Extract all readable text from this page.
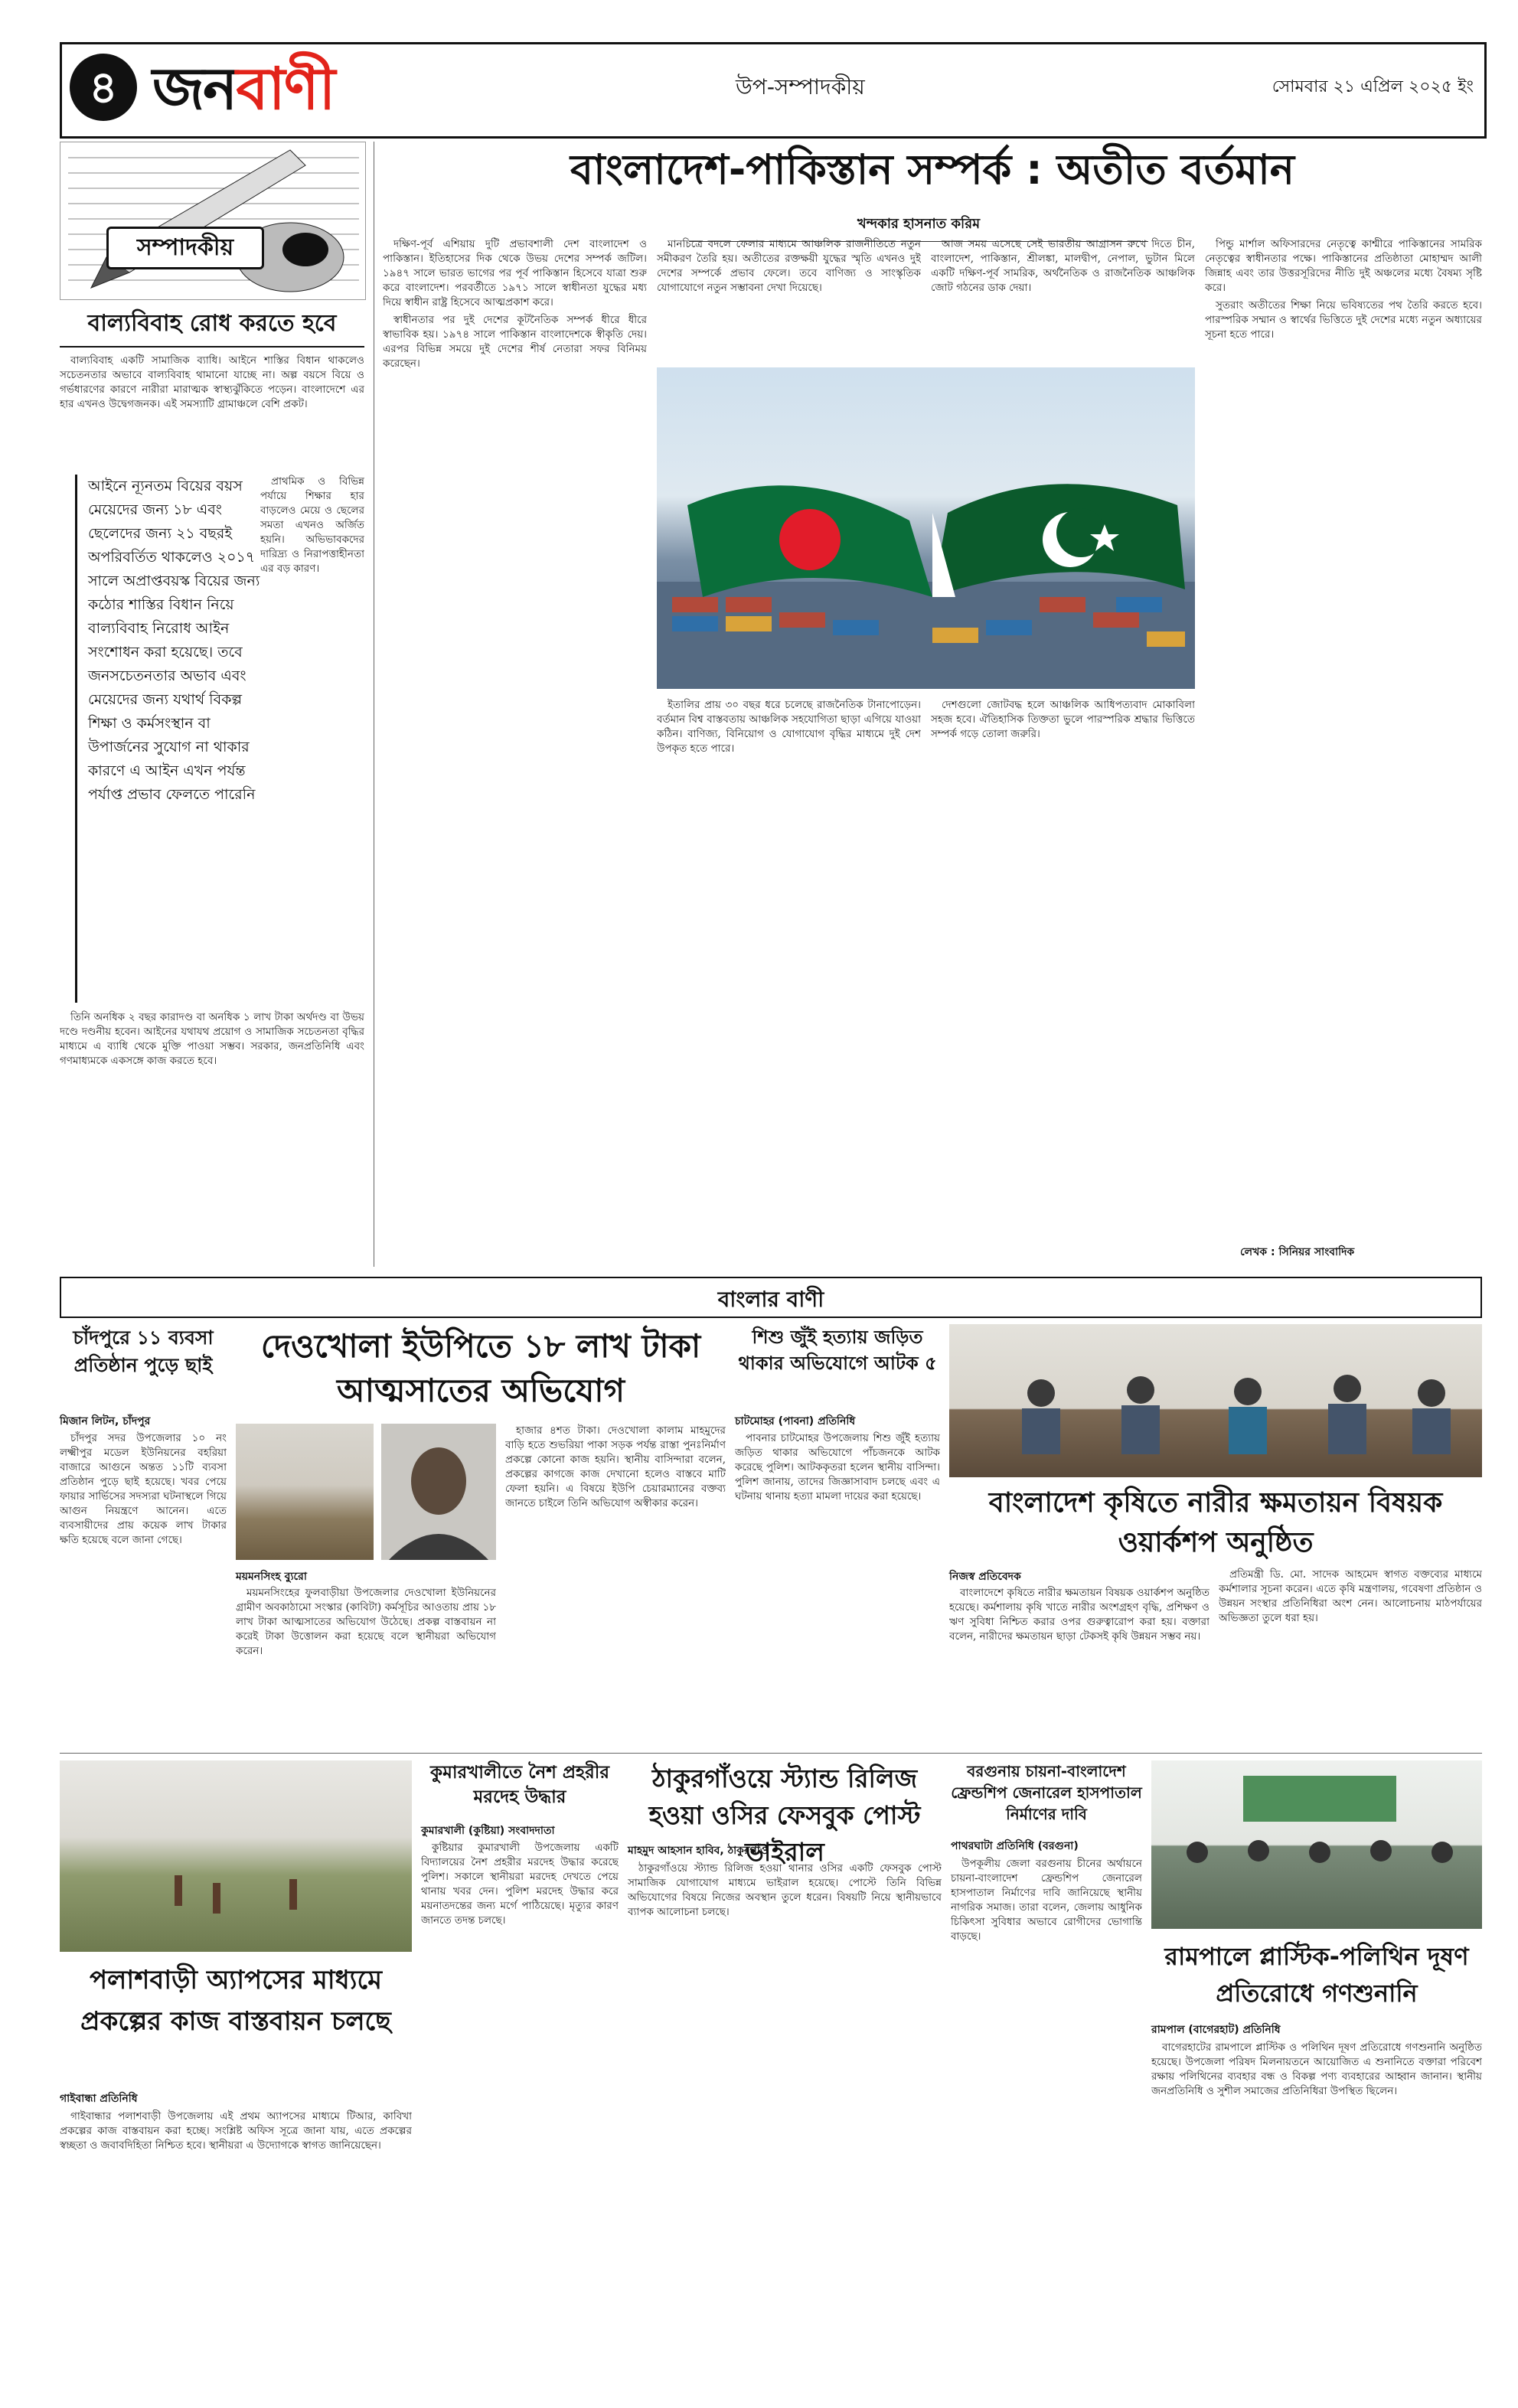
৪ জনবাণী	উপ-সম্পাদকীয়	সোমবার ২১ এপ্রিল ২০২৫ ইং
সম্পাদকীয়
বাল্যবিবাহ রোধ করতে হবে

বাল্যবিবাহ একটি সামাজিক ব্যাধি। আইনে শাস্তির বিধান থাকলেও সচেতনতার অভাবে বাল্যবিবাহ থামানো যাচ্ছে না। অল্প বয়সে বিয়ে ও গর্ভধারণের কারণে নারীরা মারাত্মক স্বাস্থ্যঝুঁকিতে পড়েন। বাংলাদেশে এর হার এখনও উদ্বেগজনক। এই সমস্যাটি গ্রামাঞ্চলে বেশি প্রকট।

আইনে ন্যূনতম বিয়ের বয়স মেয়েদের জন্য ১৮ এবং ছেলেদের জন্য ২১ বছরই অপরিবর্তিত থাকলেও ২০১৭ সালে অপ্রাপ্তবয়স্ক বিয়ের জন্য কঠোর শাস্তির বিধান নিয়ে বাল্যবিবাহ নিরোধ আইন সংশোধন করা হয়েছে। তবে জনসচেতনতার অভাব এবং মেয়েদের জন্য যথার্থ বিকল্প শিক্ষা ও কর্মসংস্থান বা উপার্জনের সুযোগ না থাকার কারণে এ আইন এখন পর্যন্ত পর্যাপ্ত প্রভাব ফেলতে পারেনি

প্রাথমিক ও বিভিন্ন পর্যায়ে শিক্ষার হার বাড়লেও মেয়ে ও ছেলের সমতা এখনও অর্জিত হয়নি। অভিভাবকদের দারিদ্র্য ও নিরাপত্তাহীনতা এর বড় কারণ।

তিনি অনধিক ২ বছর কারাদণ্ড বা অনধিক ১ লাখ টাকা অর্থদণ্ড বা উভয় দণ্ডে দণ্ডনীয় হবেন। আইনের যথাযথ প্রয়োগ ও সামাজিক সচেতনতা বৃদ্ধির মাধ্যমে এ ব্যাধি থেকে মুক্তি পাওয়া সম্ভব। সরকার, জনপ্রতিনিধি এবং গণমাধ্যমকে একসঙ্গে কাজ করতে হবে।

বাংলাদেশ-পাকিস্তান সম্পর্ক : অতীত বর্তমান
খন্দকার হাসনাত করিম

দক্ষিণ-পূর্ব এশিয়ায় দুটি প্রভাবশালী দেশ বাংলাদেশ ও পাকিস্তান। ইতিহাসের দিক থেকে উভয় দেশের সম্পর্ক জটিল। ১৯৪৭ সালে ভারত ভাগের পর পূর্ব পাকিস্তান হিসেবে যাত্রা শুরু করে বাংলাদেশ। পরবর্তীতে ১৯৭১ সালে স্বাধীনতা যুদ্ধের মধ্য দিয়ে স্বাধীন রাষ্ট্র হিসেবে আত্মপ্রকাশ করে।

স্বাধীনতার পর দুই দেশের কূটনৈতিক সম্পর্ক ধীরে ধীরে স্বাভাবিক হয়। ১৯৭৪ সালে পাকিস্তান বাংলাদেশকে স্বীকৃতি দেয়। এরপর বিভিন্ন সময়ে দুই দেশের শীর্ষ নেতারা সফর বিনিময় করেছেন।

মানচিত্রে বদলে ফেলার মাধ্যমে আঞ্চলিক রাজনীতিতে নতুন সমীকরণ তৈরি হয়। অতীতের রক্তক্ষয়ী যুদ্ধের স্মৃতি এখনও দুই দেশের সম্পর্কে প্রভাব ফেলে। তবে বাণিজ্য ও সাংস্কৃতিক যোগাযোগে নতুন সম্ভাবনা দেখা দিয়েছে।

আজ সময় এসেছে সেই ভারতীয় আগ্রাসন রুখে দিতে চীন, বাংলাদেশ, পাকিস্তান, শ্রীলঙ্কা, মালদ্বীপ, নেপাল, ভুটান মিলে একটি দক্ষিণ-পূর্ব সামরিক, অর্থনৈতিক ও রাজনৈতিক আঞ্চলিক জোট গঠনের ডাক দেয়া।

পিন্ডু মার্শাল অফিসারদের নেতৃত্বে কাশ্মীরে পাকিস্তানের সামরিক নেতৃত্বের স্বাধীনতার পক্ষে। পাকিস্তানের প্রতিষ্ঠাতা মোহাম্মদ আলী জিন্নাহ এবং তার উত্তরসূরিদের নীতি দুই অঞ্চলের মধ্যে বৈষম্য সৃষ্টি করে।

সুতরাং অতীতের শিক্ষা নিয়ে ভবিষ্যতের পথ তৈরি করতে হবে। পারস্পরিক সম্মান ও স্বার্থের ভিত্তিতে দুই দেশের মধ্যে নতুন অধ্যায়ের সূচনা হতে পারে।

ইতালির প্রায় ৩০ বছর ধরে চলেছে রাজনৈতিক টানাপোড়েন। বর্তমান বিশ্ব বাস্তবতায় আঞ্চলিক সহযোগিতা ছাড়া এগিয়ে যাওয়া কঠিন। বাণিজ্য, বিনিয়োগ ও যোগাযোগ বৃদ্ধির মাধ্যমে দুই দেশ উপকৃত হতে পারে।

দেশগুলো জোটবদ্ধ হলে আঞ্চলিক আধিপত্যবাদ মোকাবিলা সহজ হবে। ঐতিহাসিক তিক্ততা ভুলে পারস্পরিক শ্রদ্ধার ভিত্তিতে সম্পর্ক গড়ে তোলা জরুরি।

লেখক : সিনিয়র সাংবাদিক
বাংলার বাণী
চাঁদপুরে ১১ ব্যবসা প্রতিষ্ঠান পুড়ে ছাই
মিজান লিটন, চাঁদপুর

চাঁদপুর সদর উপজেলার ১০ নং লক্ষ্মীপুর মডেল ইউনিয়নের বহরিয়া বাজারে আগুনে অন্তত ১১টি ব্যবসা প্রতিষ্ঠান পুড়ে ছাই হয়েছে। খবর পেয়ে ফায়ার সার্ভিসের সদস্যরা ঘটনাস্থলে গিয়ে আগুন নিয়ন্ত্রণে আনেন। এতে ব্যবসায়ীদের প্রায় কয়েক লাখ টাকার ক্ষতি হয়েছে বলে জানা গেছে।

দেওখোলা ইউপিতে ১৮ লাখ টাকা আত্মসাতের অভিযোগ
ময়মনসিংহ ব্যুরো

ময়মনসিংহের ফুলবাড়ীয়া উপজেলার দেওখোলা ইউনিয়নের গ্রামীণ অবকাঠামো সংস্কার (কাবিটা) কর্মসূচির আওতায় প্রায় ১৮ লাখ টাকা আত্মসাতের অভিযোগ উঠেছে। প্রকল্প বাস্তবায়ন না করেই টাকা উত্তোলন করা হয়েছে বলে স্থানীয়রা অভিযোগ করেন।

হাজার ৪শত টাকা। দেওখোলা কালাম মাহমুদের বাড়ি হতে শুভরিয়া পাকা সড়ক পর্যন্ত রাস্তা পুনঃনির্মাণ প্রকল্পে কোনো কাজ হয়নি। স্থানীয় বাসিন্দারা বলেন, প্রকল্পের কাগজে কাজ দেখানো হলেও বাস্তবে মাটি ফেলা হয়নি। এ বিষয়ে ইউপি চেয়ারম্যানের বক্তব্য জানতে চাইলে তিনি অভিযোগ অস্বীকার করেন।

শিশু জুঁই হত্যায় জড়িত থাকার অভিযোগে আটক ৫
চাটমোহর (পাবনা) প্রতিনিধি

পাবনার চাটমোহর উপজেলায় শিশু জুঁই হত্যায় জড়িত থাকার অভিযোগে পাঁচজনকে আটক করেছে পুলিশ। আটককৃতরা হলেন স্থানীয় বাসিন্দা। পুলিশ জানায়, তাদের জিজ্ঞাসাবাদ চলছে এবং এ ঘটনায় থানায় হত্যা মামলা দায়ের করা হয়েছে।	বাংলাদেশ কৃষিতে নারীর ক্ষমতায়ন বিষয়ক ওয়ার্কশপ অনুষ্ঠিত
নিজস্ব প্রতিবেদক

বাংলাদেশে কৃষিতে নারীর ক্ষমতায়ন বিষয়ক ওয়ার্কশপ অনুষ্ঠিত হয়েছে। কর্মশালায় কৃষি খাতে নারীর অংশগ্রহণ বৃদ্ধি, প্রশিক্ষণ ও ঋণ সুবিধা নিশ্চিত করার ওপর গুরুত্বারোপ করা হয়। বক্তারা বলেন, নারীদের ক্ষমতায়ন ছাড়া টেকসই কৃষি উন্নয়ন সম্ভব নয়।

প্রতিমন্ত্রী ডি. মো. সাদেক আহমেদ স্বাগত বক্তব্যের মাধ্যমে কর্মশালার সূচনা করেন। এতে কৃষি মন্ত্রণালয়, গবেষণা প্রতিষ্ঠান ও উন্নয়ন সংস্থার প্রতিনিধিরা অংশ নেন। আলোচনায় মাঠপর্যায়ের অভিজ্ঞতা তুলে ধরা হয়।

পলাশবাড়ী অ্যাপসের মাধ্যমে প্রকল্পের কাজ বাস্তবায়ন চলছে
গাইবান্ধা প্রতিনিধি

গাইবান্ধার পলাশবাড়ী উপজেলায় এই প্রথম অ্যাপসের মাধ্যমে টিআর, কাবিখা প্রকল্পের কাজ বাস্তবায়ন করা হচ্ছে। সংশ্লিষ্ট অফিস সূত্রে জানা যায়, এতে প্রকল্পের স্বচ্ছতা ও জবাবদিহিতা নিশ্চিত হবে। স্থানীয়রা এ উদ্যোগকে স্বাগত জানিয়েছেন।

কুমারখালীতে নৈশ প্রহরীর মরদেহ উদ্ধার
কুমারখালী (কুষ্টিয়া) সংবাদদাতা

কুষ্টিয়ার কুমারখালী উপজেলায় একটি বিদ্যালয়ের নৈশ প্রহরীর মরদেহ উদ্ধার করেছে পুলিশ। সকালে স্থানীয়রা মরদেহ দেখতে পেয়ে থানায় খবর দেন। পুলিশ মরদেহ উদ্ধার করে ময়নাতদন্তের জন্য মর্গে পাঠিয়েছে। মৃত্যুর কারণ জানতে তদন্ত চলছে।

ঠাকুরগাঁওয়ে স্ট্যান্ড রিলিজ হওয়া ওসির ফেসবুক পোস্ট ভাইরাল
মাহমুদ আহসান হাবিব, ঠাকুরগাঁও

ঠাকুরগাঁওয়ে স্ট্যান্ড রিলিজ হওয়া থানার ওসির একটি ফেসবুক পোস্ট সামাজিক যোগাযোগ মাধ্যমে ভাইরাল হয়েছে। পোস্টে তিনি বিভিন্ন অভিযোগের বিষয়ে নিজের অবস্থান তুলে ধরেন। বিষয়টি নিয়ে স্থানীয়ভাবে ব্যাপক আলোচনা চলছে।

বরগুনায় চায়না-বাংলাদেশ ফ্রেন্ডশিপ জেনারেল হাসপাতাল নির্মাণের দাবি
পাথরঘাটা প্রতিনিধি (বরগুনা)

উপকূলীয় জেলা বরগুনায় চীনের অর্থায়নে চায়না-বাংলাদেশ ফ্রেন্ডশিপ জেনারেল হাসপাতাল নির্মাণের দাবি জানিয়েছে স্থানীয় নাগরিক সমাজ। তারা বলেন, জেলায় আধুনিক চিকিৎসা সুবিধার অভাবে রোগীদের ভোগান্তি বাড়ছে।

রামপালে প্লাস্টিক-পলিথিন দূষণ প্রতিরোধে গণশুনানি
রামপাল (বাগেরহাট) প্রতিনিধি

বাগেরহাটের রামপালে প্লাস্টিক ও পলিথিন দূষণ প্রতিরোধে গণশুনানি অনুষ্ঠিত হয়েছে। উপজেলা পরিষদ মিলনায়তনে আয়োজিত এ শুনানিতে বক্তারা পরিবেশ রক্ষায় পলিথিনের ব্যবহার বন্ধ ও বিকল্প পণ্য ব্যবহারের আহ্বান জানান। স্থানীয় জনপ্রতিনিধি ও সুশীল সমাজের প্রতিনিধিরা উপস্থিত ছিলেন।
